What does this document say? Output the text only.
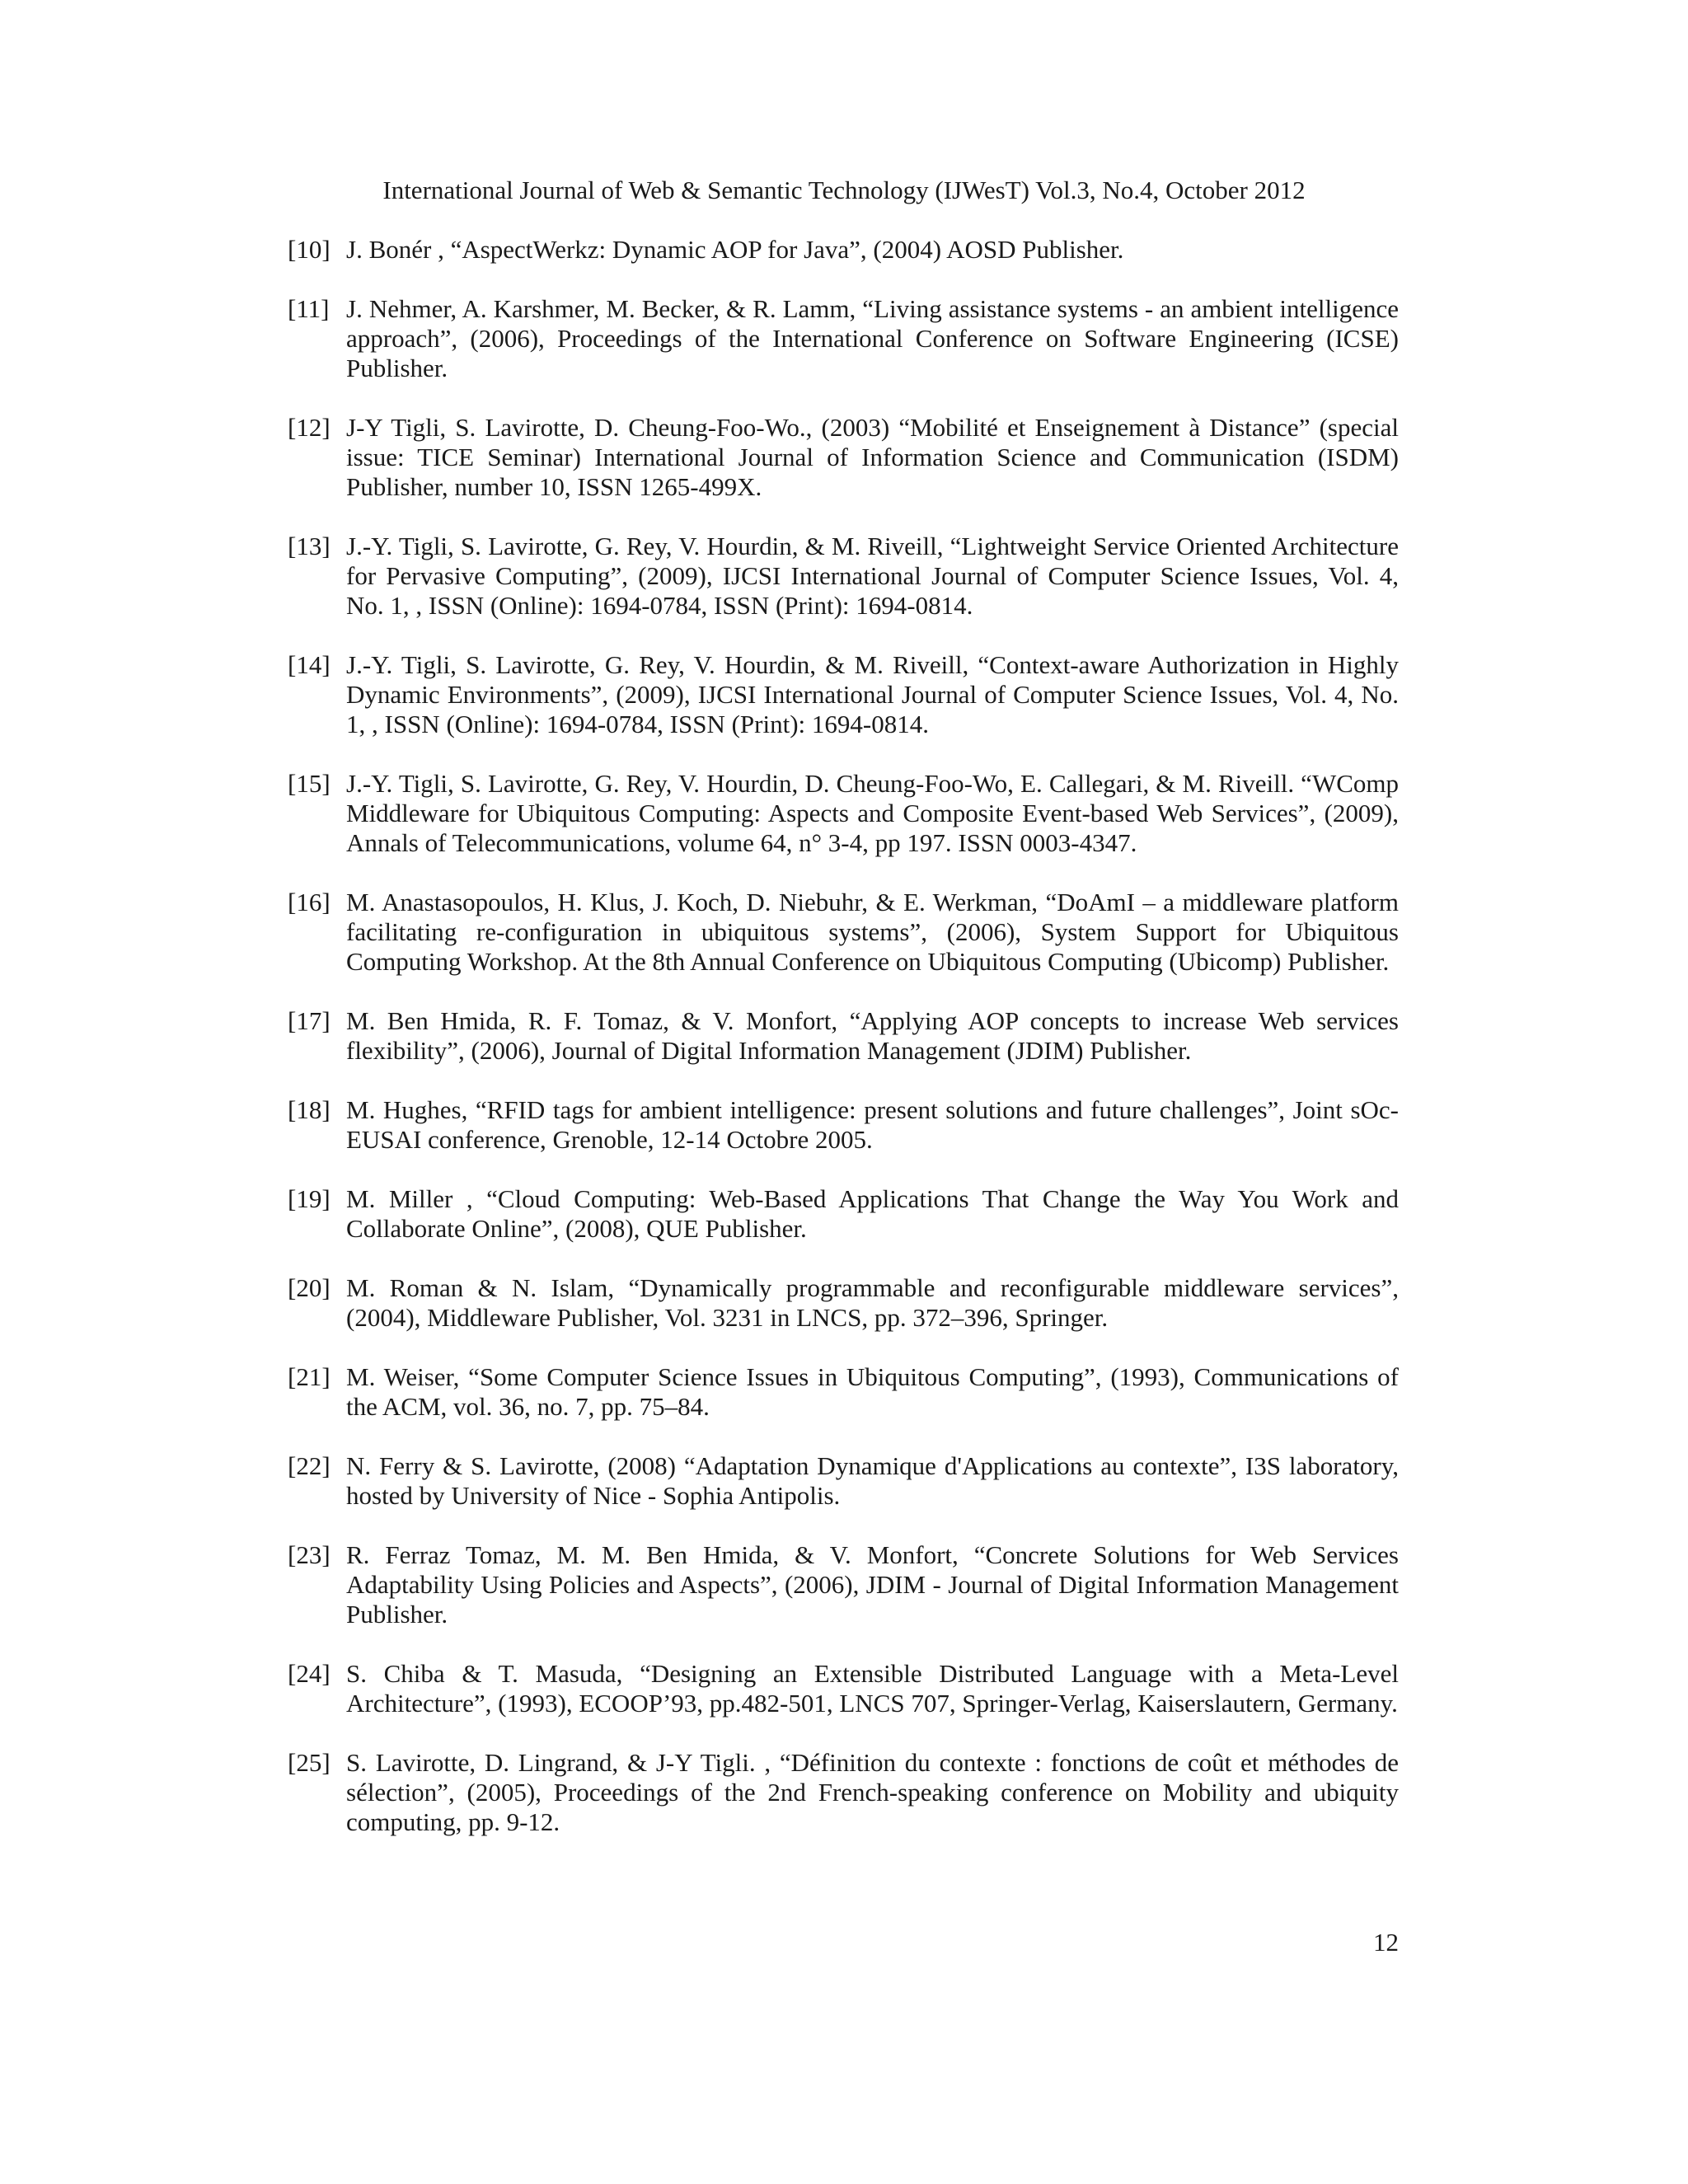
International Journal of Web & Semantic Technology (IJWesT) Vol.3, No.4, October 2012
[10] J. Bonér , “AspectWerkz: Dynamic AOP for Java”, (2004) AOSD Publisher.
[11] J. Nehmer, A. Karshmer, M. Becker, & R. Lamm, “Living assistance systems - an ambient intelligence approach”, (2006), Proceedings of the International Conference on Software Engineering (ICSE) Publisher.
[12] J-Y Tigli, S. Lavirotte, D. Cheung-Foo-Wo., (2003) “Mobilité et Enseignement à Distance” (special issue: TICE Seminar) International Journal of Information Science and Communication (ISDM) Publisher, number 10, ISSN 1265-499X.
[13] J.-Y. Tigli, S. Lavirotte, G. Rey, V. Hourdin, & M. Riveill, “Lightweight Service Oriented Architecture for Pervasive Computing”, (2009), IJCSI International Journal of Computer Science Issues, Vol. 4, No. 1, , ISSN (Online): 1694-0784, ISSN (Print): 1694-0814.
[14] J.-Y. Tigli, S. Lavirotte, G. Rey, V. Hourdin, & M. Riveill, “Context-aware Authorization in Highly Dynamic Environments”, (2009), IJCSI International Journal of Computer Science Issues, Vol. 4, No. 1, , ISSN (Online): 1694-0784, ISSN (Print): 1694-0814.
[15] J.-Y. Tigli, S. Lavirotte, G. Rey, V. Hourdin, D. Cheung-Foo-Wo, E. Callegari, & M. Riveill. “WComp Middleware for Ubiquitous Computing: Aspects and Composite Event-based Web Services”, (2009), Annals of Telecommunications, volume 64, n° 3-4, pp 197. ISSN 0003-4347.
[16] M. Anastasopoulos, H. Klus, J. Koch, D. Niebuhr, & E. Werkman, “DoAmI – a middleware platform facilitating re-configuration in ubiquitous systems”, (2006), System Support for Ubiquitous Computing Workshop. At the 8th Annual Conference on Ubiquitous Computing (Ubicomp) Publisher.
[17] M. Ben Hmida, R. F. Tomaz, & V. Monfort, “Applying AOP concepts to increase Web services flexibility”, (2006), Journal of Digital Information Management (JDIM) Publisher.
[18] M. Hughes, “RFID tags for ambient intelligence: present solutions and future challenges”, Joint sOc-EUSAI conference, Grenoble, 12-14 Octobre 2005.
[19] M. Miller , “Cloud Computing: Web-Based Applications That Change the Way You Work and Collaborate Online”, (2008), QUE Publisher.
[20] M. Roman & N. Islam, “Dynamically programmable and reconfigurable middleware services”, (2004), Middleware Publisher, Vol. 3231 in LNCS, pp. 372–396, Springer.
[21] M. Weiser, “Some Computer Science Issues in Ubiquitous Computing”, (1993), Communications of the ACM, vol. 36, no. 7, pp. 75–84.
[22] N. Ferry & S. Lavirotte, (2008) “Adaptation Dynamique d'Applications au contexte”, I3S laboratory, hosted by University of Nice - Sophia Antipolis.
[23] R. Ferraz Tomaz, M. M. Ben Hmida, & V. Monfort, “Concrete Solutions for Web Services Adaptability Using Policies and Aspects”, (2006), JDIM - Journal of Digital Information Management Publisher.
[24] S. Chiba & T. Masuda, “Designing an Extensible Distributed Language with a Meta-Level Architecture”, (1993), ECOOP’93, pp.482-501, LNCS 707, Springer-Verlag, Kaiserslautern, Germany.
[25] S. Lavirotte, D. Lingrand, & J-Y Tigli. , “Définition du contexte : fonctions de coût et méthodes de sélection”, (2005), Proceedings of the 2nd French-speaking conference on Mobility and ubiquity computing, pp. 9-12.
12
